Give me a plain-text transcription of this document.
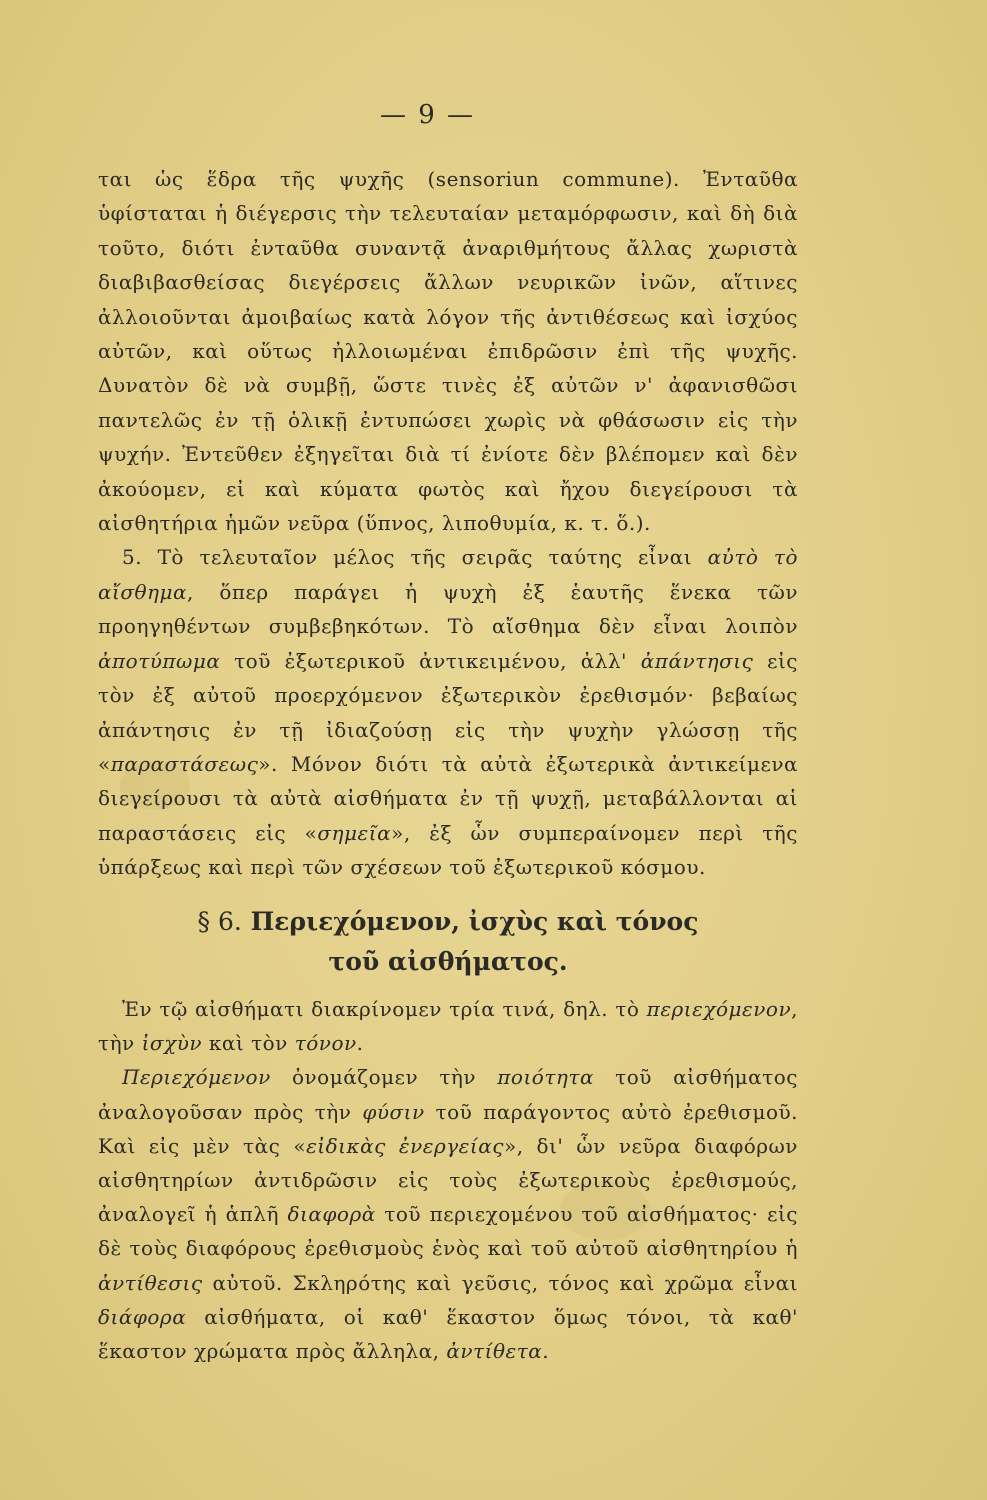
— 9 —

ται ὡς ἕδρα τῆς ψυχῆς (sensoriun commune). Ἐνταῦθα ὑφίσταται ἡ διέγερσις τὴν τελευταίαν μεταμόρφωσιν, καὶ δὴ διὰ τοῦτο, διότι ἐνταῦθα συναντᾷ ἀναριθμήτους ἄλλας χωριστὰ διαβιβασθείσας διεγέρσεις ἄλλων νευρικῶν ἰνῶν, αἵτινες ἀλλοιοῦνται ἀμοιβαίως κατὰ λόγον τῆς ἀντιθέσεως καὶ ἰσχύος αὐτῶν, καὶ οὕτως ἠλλοιωμέναι ἐπιδρῶσιν ἐπὶ τῆς ψυχῆς. Δυνατὸν δὲ νὰ συμβῇ, ὥστε τινὲς ἐξ αὐτῶν ν' ἀφανισθῶσι παντελῶς ἐν τῇ ὁλικῇ ἐντυπώσει χωρὶς νὰ φθάσωσιν εἰς τὴν ψυχήν. Ἐντεῦθεν ἐξηγεῖται διὰ τί ἐνίοτε δὲν βλέπομεν καὶ δὲν ἀκούομεν, εἰ καὶ κύματα φωτὸς καὶ ἤχου διεγείρουσι τὰ αἰσθητήρια ἡμῶν νεῦρα (ὕπνος, λιποθυμία, κ. τ. ὅ.).

5. Τὸ τελευταῖον μέλος τῆς σειρᾶς ταύτης εἶναι αὐτὸ τὸ αἴσθημα, ὅπερ παράγει ἡ ψυχὴ ἐξ ἑαυτῆς ἕνεκα τῶν προηγηθέντων συμβεβηκότων. Τὸ αἴσθημα δὲν εἶναι λοιπὸν ἀποτύπωμα τοῦ ἐξωτερικοῦ ἀντικειμένου, ἀλλ' ἀπάντησις εἰς τὸν ἐξ αὐτοῦ προερχόμενον ἐξωτερικὸν ἐρεθισμόν· βεβαίως ἀπάντησις ἐν τῇ ἰδιαζούσῃ εἰς τὴν ψυχὴν γλώσσῃ τῆς «παραστάσεως». Μόνον διότι τὰ αὐτὰ ἐξωτερικὰ ἀντικείμενα διεγείρουσι τὰ αὐτὰ αἰσθήματα ἐν τῇ ψυχῇ, μεταβάλλονται αἱ παραστάσεις εἰς «σημεῖα», ἐξ ὧν συμπεραίνομεν περὶ τῆς ὑπάρξεως καὶ περὶ τῶν σχέσεων τοῦ ἐξωτερικοῦ κόσμου.

§ 6. Περιεχόμενον, ἰσχὺς καὶ τόνος
τοῦ αἰσθήματος.

Ἐν τῷ αἰσθήματι διακρίνομεν τρία τινά, δηλ. τὸ περιεχόμενον, τὴν ἰσχὺν καὶ τὸν τόνον.

Περιεχόμενον ὀνομάζομεν τὴν ποιότητα τοῦ αἰσθήματος ἀναλογοῦσαν πρὸς τὴν φύσιν τοῦ παράγοντος αὐτὸ ἐρεθισμοῦ. Καὶ εἰς μὲν τὰς «εἰδικὰς ἐνεργείας», δι' ὧν νεῦρα διαφόρων αἰσθητηρίων ἀντιδρῶσιν εἰς τοὺς ἐξωτερικοὺς ἐρεθισμούς, ἀναλογεῖ ἡ ἁπλῆ διαφορὰ τοῦ περιεχομένου τοῦ αἰσθήματος· εἰς δὲ τοὺς διαφόρους ἐρεθισμοὺς ἑνὸς καὶ τοῦ αὐτοῦ αἰσθητηρίου ἡ ἀντίθεσις αὐτοῦ. Σκληρότης καὶ γεῦσις, τόνος καὶ χρῶμα εἶναι διάφορα αἰσθήματα, οἱ καθ' ἕκαστον ὅμως τόνοι, τὰ καθ' ἕκαστον χρώματα πρὸς ἄλληλα, ἀντίθετα.
